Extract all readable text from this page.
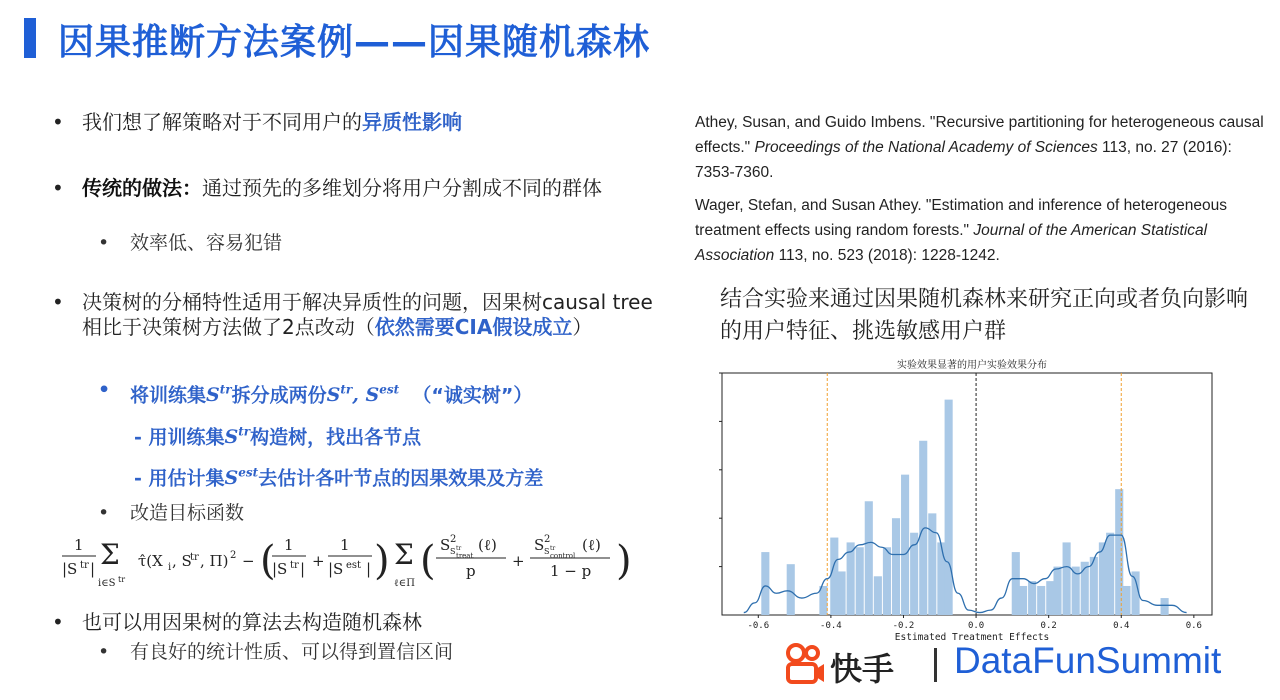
因果推断方法案例——因果随机森林
• 我们想了解策略对于不同用户的异质性影响
• 传统的做法：通过预先的多维划分将用户分割成不同的群体
• 效率低、容易犯错
• 决策树的分桶特性适用于解决异质性的问题，因果树causal tree相比于决策树方法做了2点改动（依然需要CIA假设成立）
• 将训练集$S^{tr}$拆分成两份$S^{tr}$, $S^{est}$ （“诚实树”）
- 用训练集$S^{tr}$构造树，找出各节点
- 用估计集$S^{est}$去估计各叶节点的因果效果及方差
• 改造目标函数
1
|S tr | Σ
i∈S tr
τ̂(X i , S
tr , Π) 2 − ( 1
|S tr | +
1
|S est | ) Σ
ℓ∈Π ( S 2
S tr
treat
(ℓ)
p
+
S 2
S tr
control
(ℓ)
1 − p )
• 也可以用因果树的算法去构造随机森林
• 有良好的统计性质、可以得到置信区间
Athey, Susan, and Guido Imbens. "Recursive partitioning for heterogeneous causal effects." Proceedings of the National Academy of Sciences 113, no. 27 (2016): 7353-7360.
Wager, Stefan, and Susan Athey. "Estimation and inference of heterogeneous treatment effects using random forests." Journal of the American Statistical Association 113, no. 523 (2018): 1228-1242.
结合实验来通过因果随机森林来研究正向或者负向影响的用户特征、挑选敏感用户群
实验效果显著的用户实验效果分布
-0.6	-0.4	-0.2	0.0	0.2	0.4	0.6
Estimated Treatment Effects
快手 DataFunSummit
